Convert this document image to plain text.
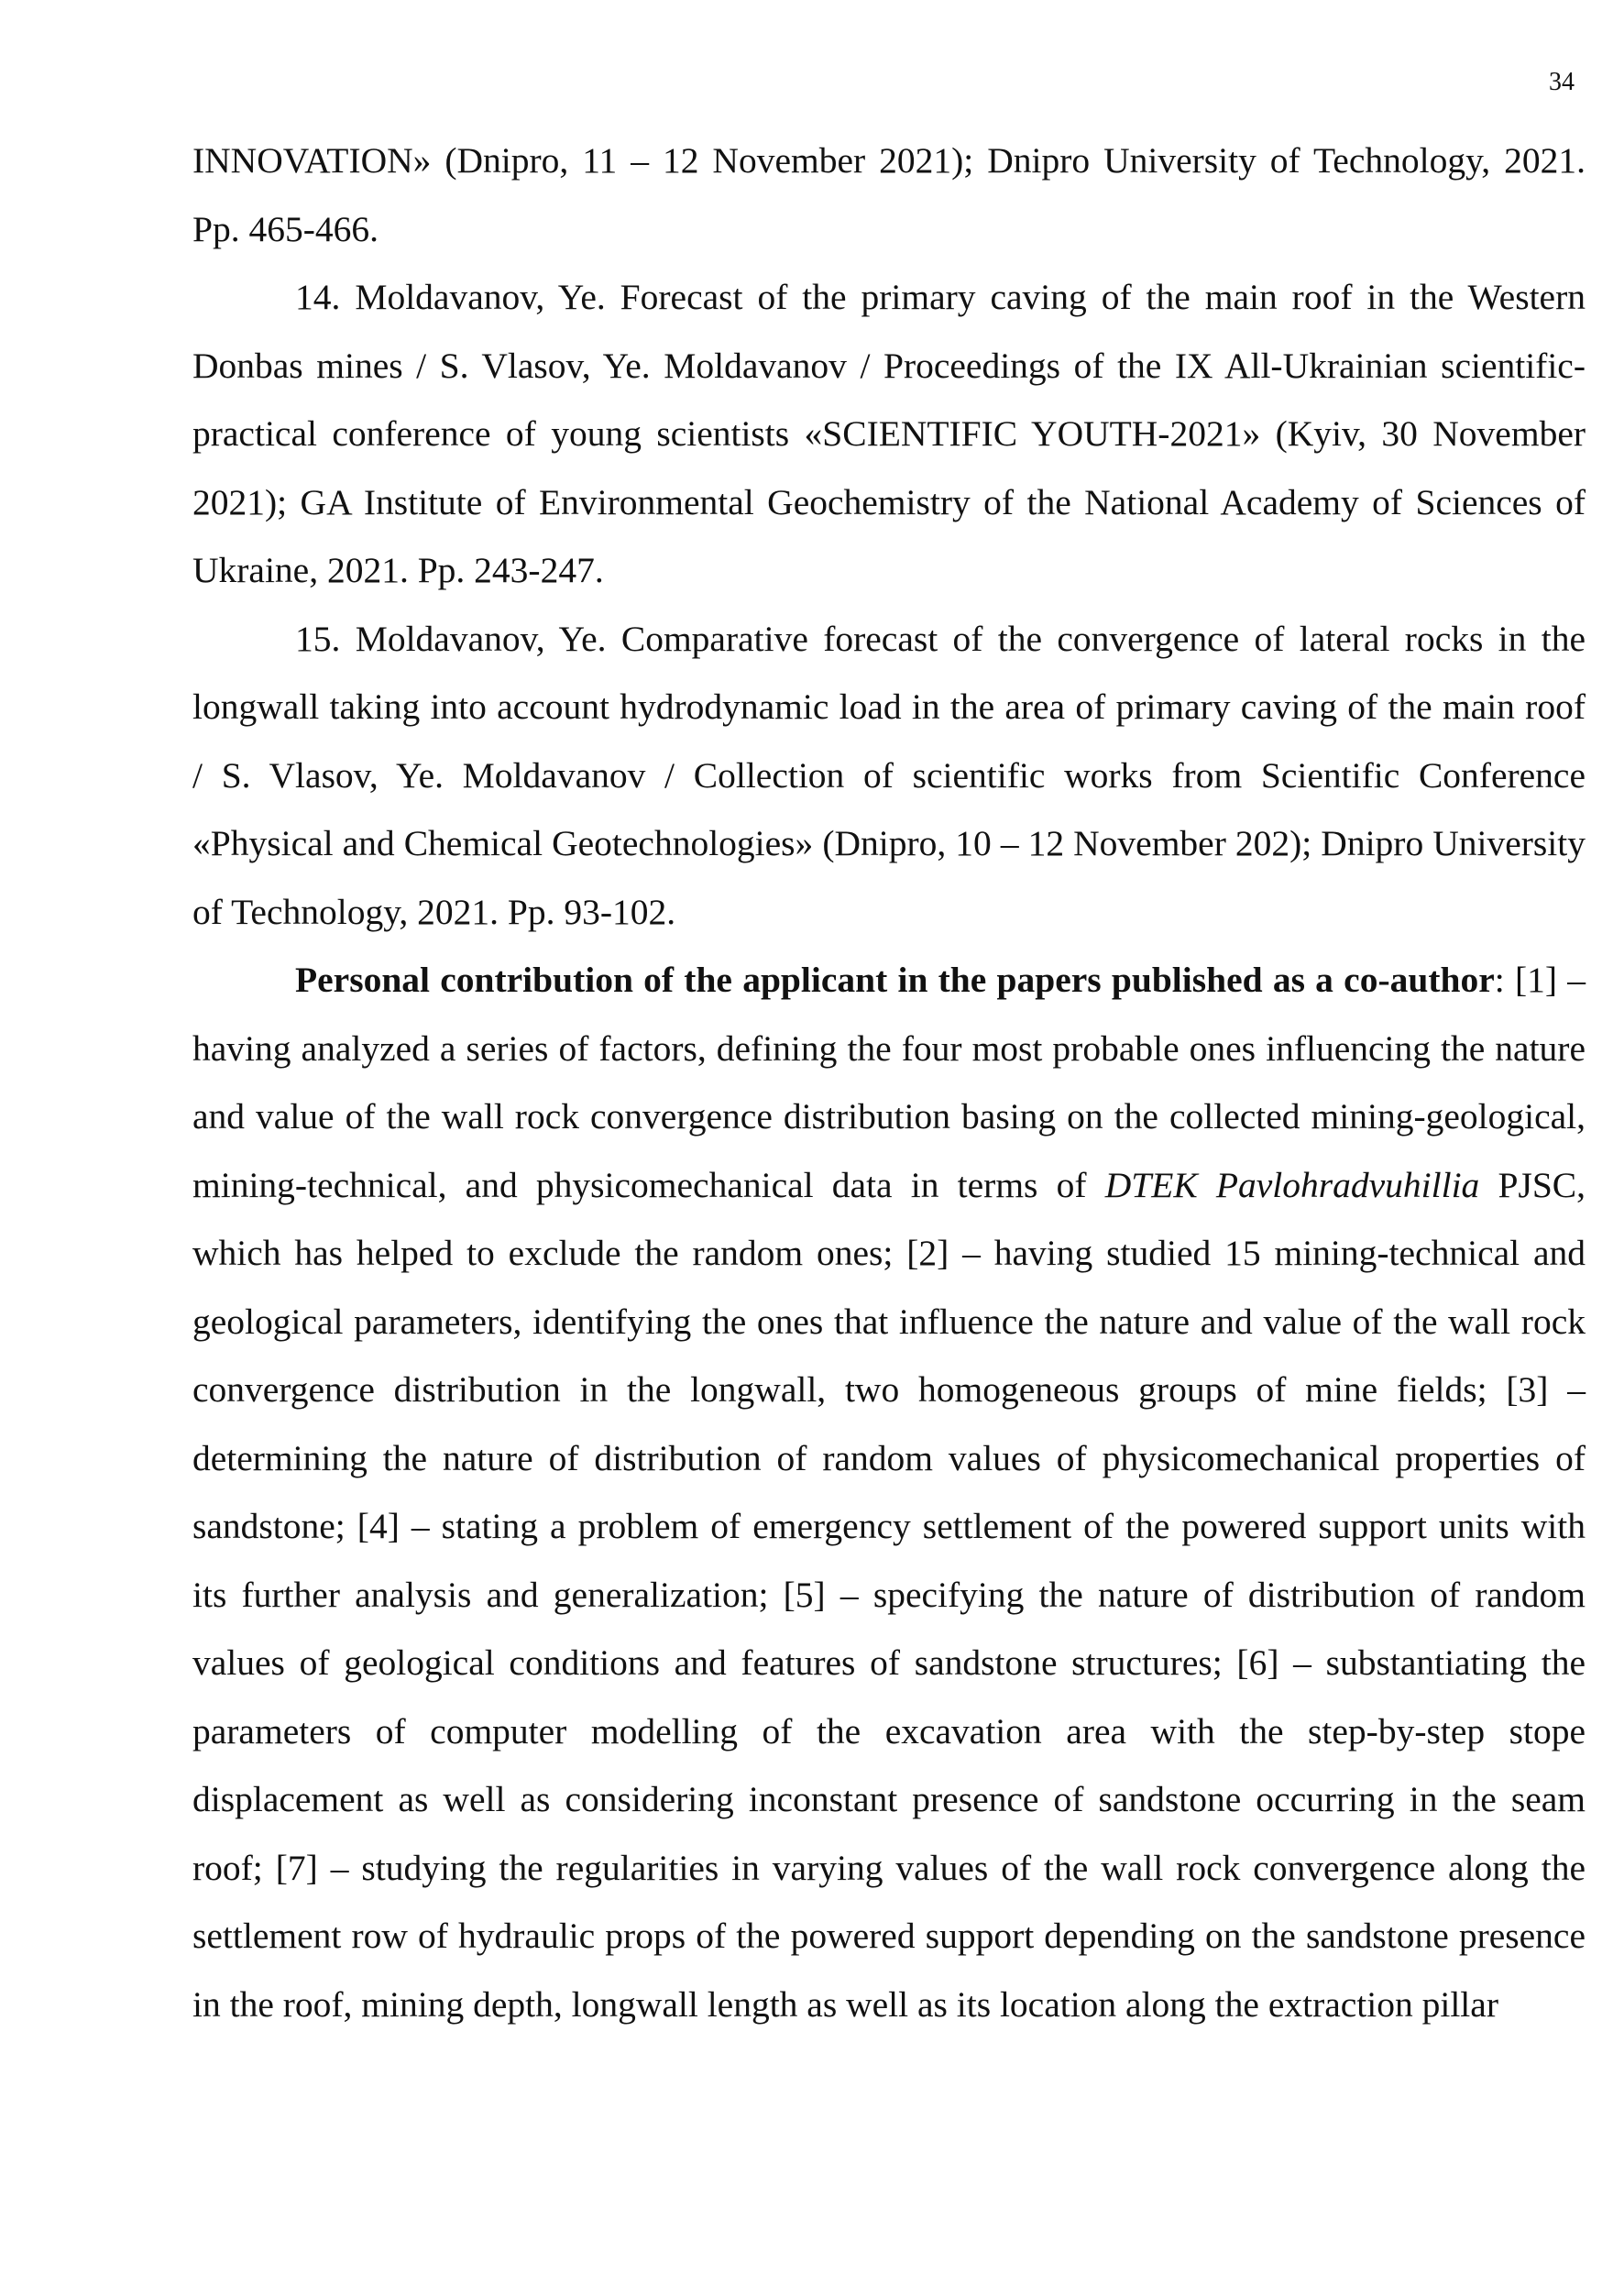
34

INNOVATION» (Dnipro, 11 – 12 November 2021); Dnipro University of Technology, 2021. Pp. 465-466.

14. Moldavanov, Ye. Forecast of the primary caving of the main roof in the Western Donbas mines / S. Vlasov, Ye. Moldavanov / Proceedings of the IX All-Ukrainian scientific-practical conference of young scientists «SCIENTIFIC YOUTH-2021» (Kyiv, 30 November 2021); GA Institute of Environmental Geochemistry of the National Academy of Sciences of Ukraine, 2021. Pp. 243-247.

15. Moldavanov, Ye. Comparative forecast of the convergence of lateral rocks in the longwall taking into account hydrodynamic load in the area of primary caving of the main roof / S. Vlasov, Ye. Moldavanov / Collection of scientific works from Scientific Conference «Physical and Chemical Geotechnologies» (Dnipro, 10 – 12 November 202); Dnipro University of Technology, 2021. Pp. 93-102.

Personal contribution of the applicant in the papers published as a co-author: [1] – having analyzed a series of factors, defining the four most probable ones influencing the nature and value of the wall rock convergence distribution basing on the collected mining-geological, mining-technical, and physicomechanical data in terms of DTEK Pavlohradvuhillia PJSC, which has helped to exclude the random ones; [2] – having studied 15 mining-technical and geological parameters, identifying the ones that influence the nature and value of the wall rock convergence distribution in the longwall, two homogeneous groups of mine fields; [3] – determining the nature of distribution of random values of physicomechanical properties of sandstone; [4] – stating a problem of emergency settlement of the powered support units with its further analysis and generalization; [5] – specifying the nature of distribution of random values of geological conditions and features of sandstone structures; [6] – substantiating the parameters of computer modelling of the excavation area with the step-by-step stope displacement as well as considering inconstant presence of sandstone occurring in the seam roof; [7] – studying the regularities in varying values of the wall rock convergence along the settlement row of hydraulic props of the powered support depending on the sandstone presence in the roof, mining depth, longwall length as well as its location along the extraction pillar
